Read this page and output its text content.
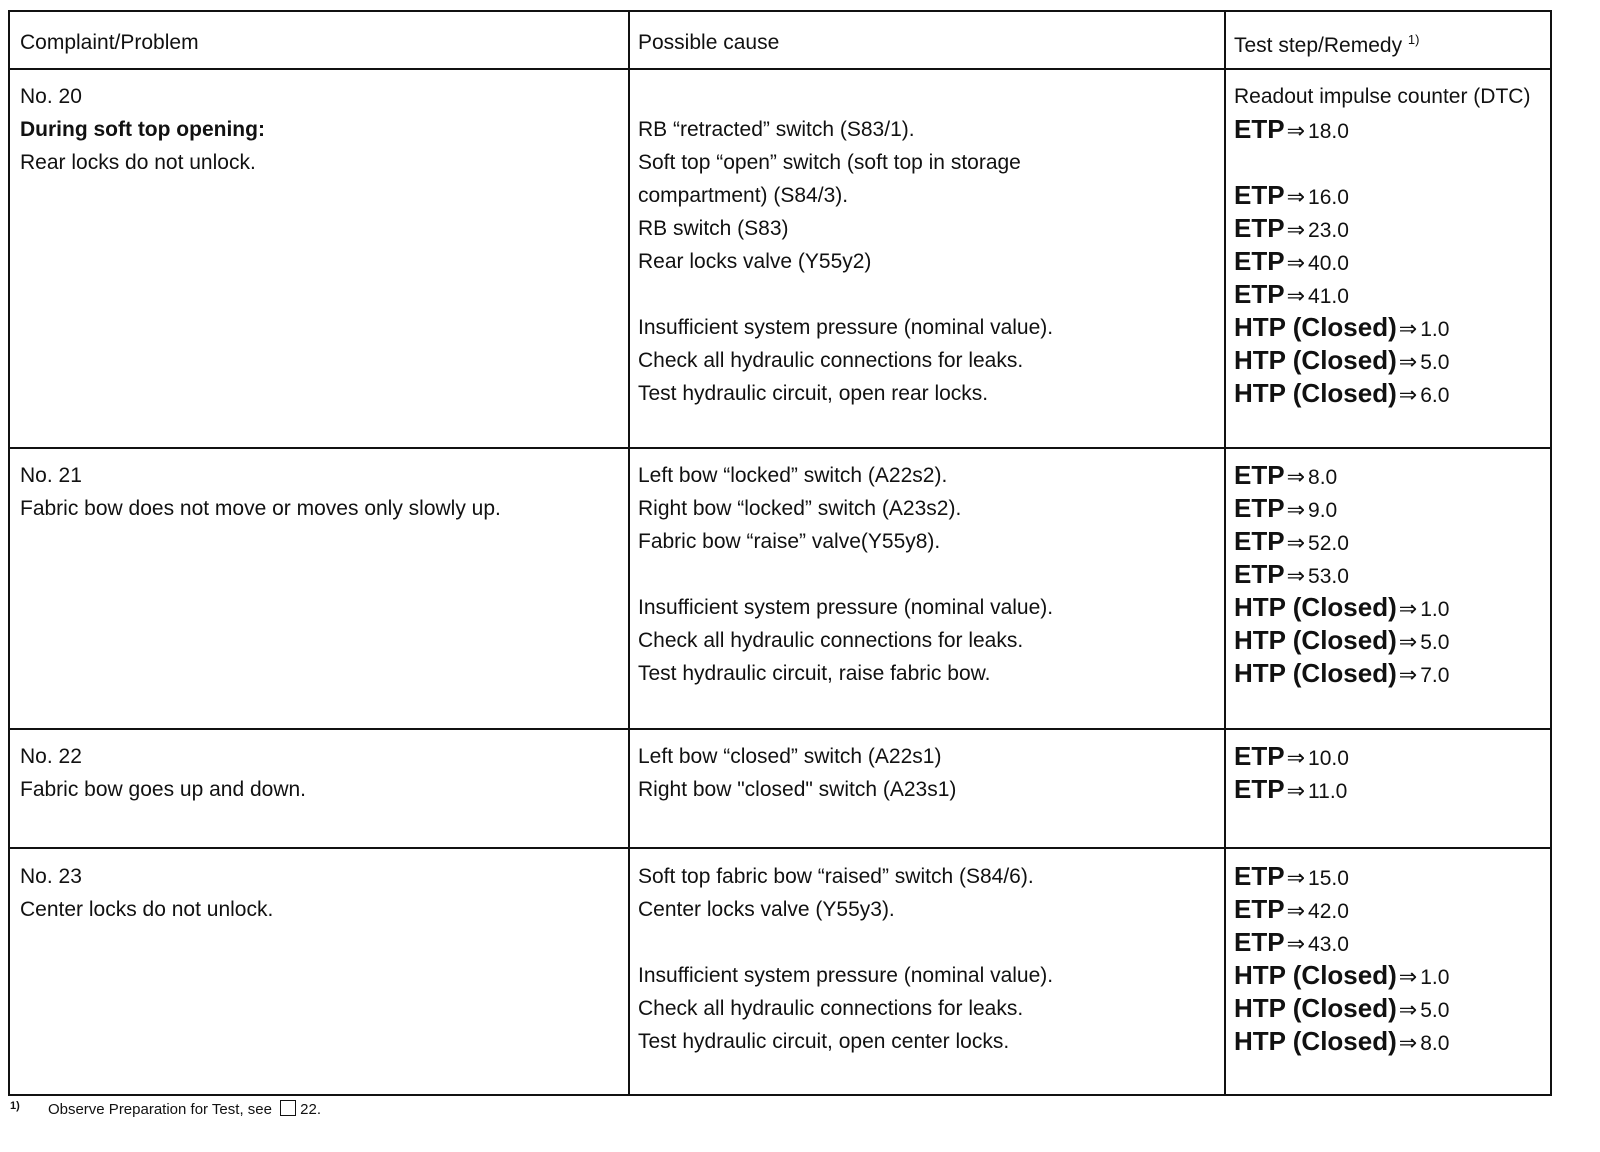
Complaint/Problem	Possible cause	Test step/Remedy $^{1)}$
No. 20
During soft top opening:
Rear locks do not unlock.
RB “retracted” switch (S83/1).
Soft top “open” switch (soft top in storage
compartment) (S84/3).
RB switch (S83)
Rear locks valve (Y55y2)
Insufficient system pressure (nominal value).
Check all hydraulic connections for leaks.
Test hydraulic circuit, open rear locks.
Readout impulse counter (DTC)
ETP⇒ 18.0
ETP⇒ 16.0
ETP⇒ 23.0
ETP⇒ 40.0
ETP⇒ 41.0
HTP (Closed)⇒ 1.0
HTP (Closed)⇒ 5.0
HTP (Closed)⇒ 6.0
No. 21
Fabric bow does not move or moves only slowly up.
Left bow “locked” switch (A22s2).
Right bow “locked” switch (A23s2).
Fabric bow “raise” valve(Y55y8).
Insufficient system pressure (nominal value).
Check all hydraulic connections for leaks.
Test hydraulic circuit, raise fabric bow.
ETP⇒ 8.0
ETP⇒ 9.0
ETP⇒ 52.0
ETP⇒ 53.0
HTP (Closed)⇒ 1.0
HTP (Closed)⇒ 5.0
HTP (Closed)⇒ 7.0
No. 22
Fabric bow goes up and down.
Left bow “closed” switch (A22s1)
Right bow "closed" switch (A23s1)
ETP⇒ 10.0
ETP⇒ 11.0
No. 23
Center locks do not unlock.
Soft top fabric bow “raised” switch (S84/6).
Center locks valve (Y55y3).
Insufficient system pressure (nominal value).
Check all hydraulic connections for leaks.
Test hydraulic circuit, open center locks.
ETP⇒ 15.0
ETP⇒ 42.0
ETP⇒ 43.0
HTP (Closed)⇒ 1.0
HTP (Closed)⇒ 5.0
HTP (Closed)⇒ 8.0
$^{1)}$ Observe Preparation for Test, see 22.
